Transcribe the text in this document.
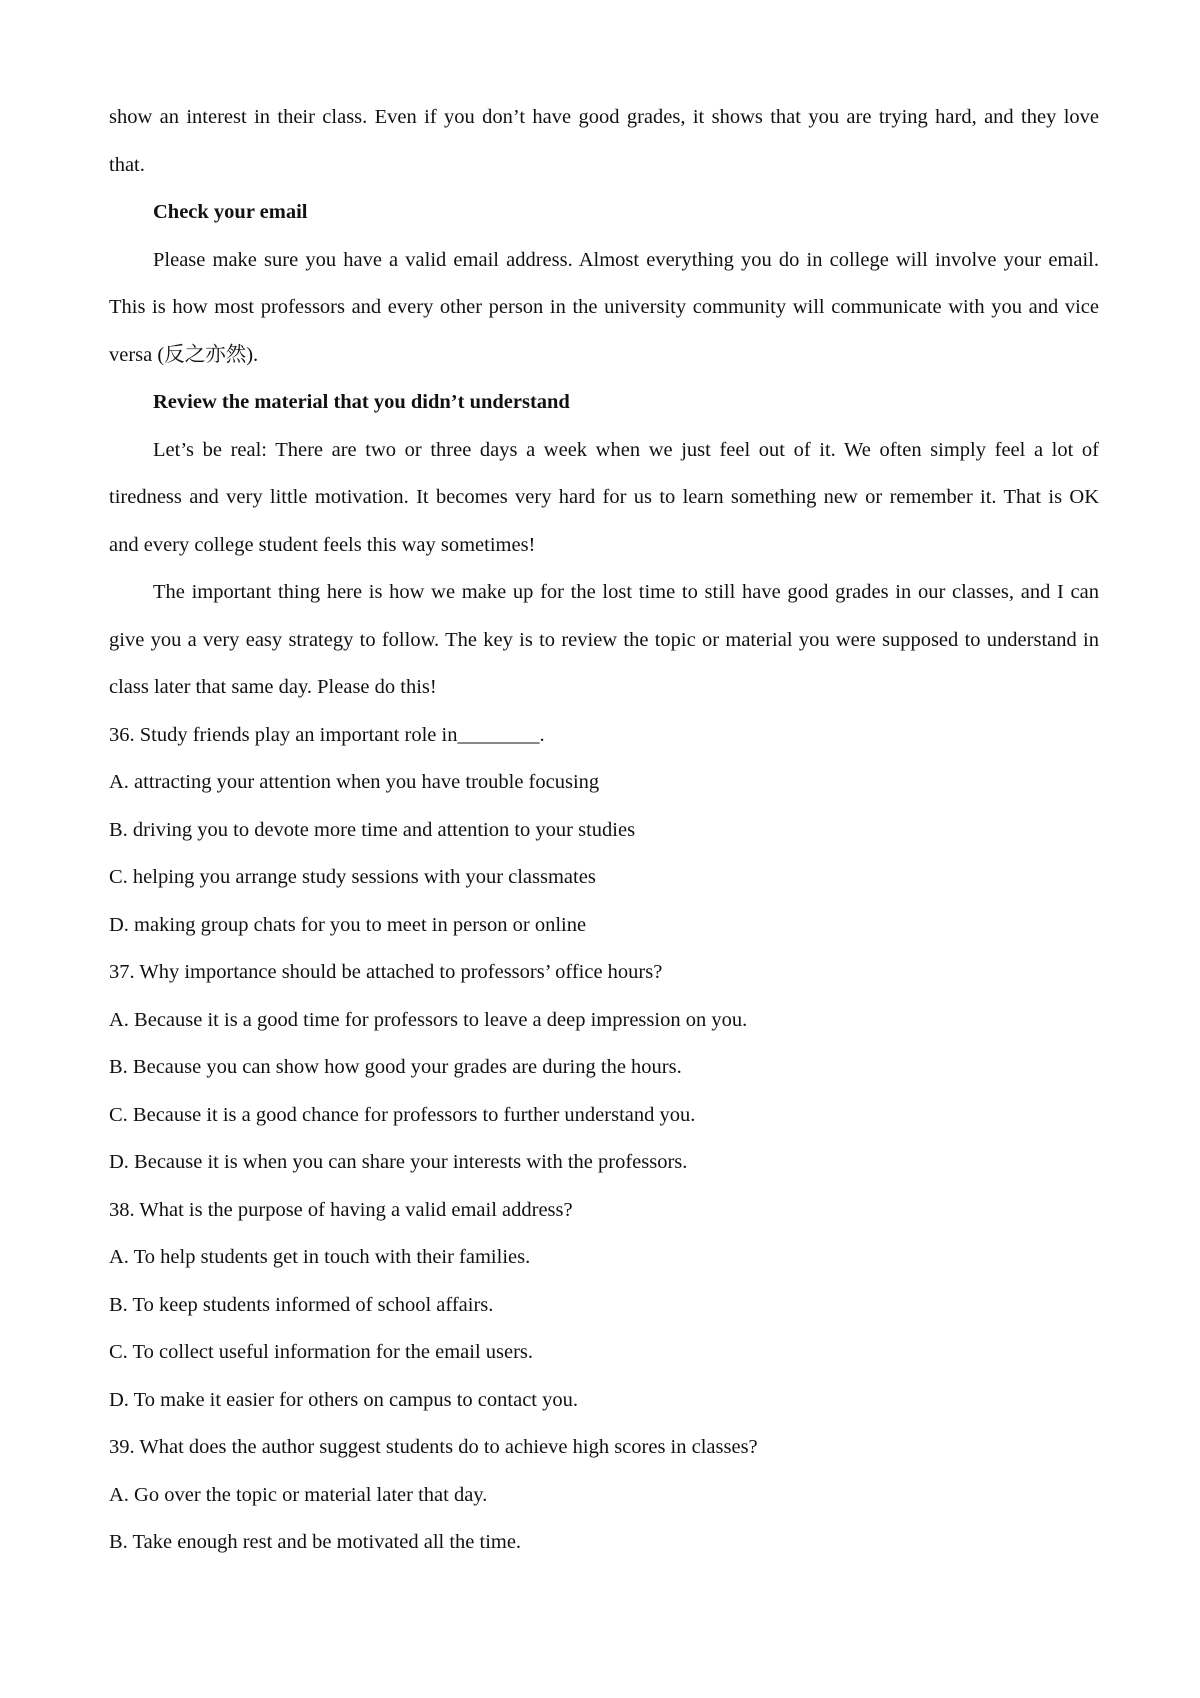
show an interest in their class. Even if you don’t have good grades, it shows that you are trying hard, and they love

that.

Check your email

Please make sure you have a valid email address. Almost everything you do in college will involve your email.

This is how most professors and every other person in the university community will communicate with you and vice

versa (反之亦然).

Review the material that you didn’t understand

Let’s be real: There are two or three days a week when we just feel out of it. We often simply feel a lot of

tiredness and very little motivation. It becomes very hard for us to learn something new or remember it. That is OK

and every college student feels this way sometimes!

The important thing here is how we make up for the lost time to still have good grades in our classes, and I can

give you a very easy strategy to follow. The key is to review the topic or material you were supposed to understand in

class later that same day. Please do this!

36. Study friends play an important role in________.

A. attracting your attention when you have trouble focusing

B. driving you to devote more time and attention to your studies

C. helping you arrange study sessions with your classmates

D. making group chats for you to meet in person or online

37. Why importance should be attached to professors’ office hours?

A. Because it is a good time for professors to leave a deep impression on you.

B. Because you can show how good your grades are during the hours.

C. Because it is a good chance for professors to further understand you.

D. Because it is when you can share your interests with the professors.

38. What is the purpose of having a valid email address?

A. To help students get in touch with their families.

B. To keep students informed of school affairs.

C. To collect useful information for the email users.

D. To make it easier for others on campus to contact you.

39. What does the author suggest students do to achieve high scores in classes?

A. Go over the topic or material later that day.

B. Take enough rest and be motivated all the time.
